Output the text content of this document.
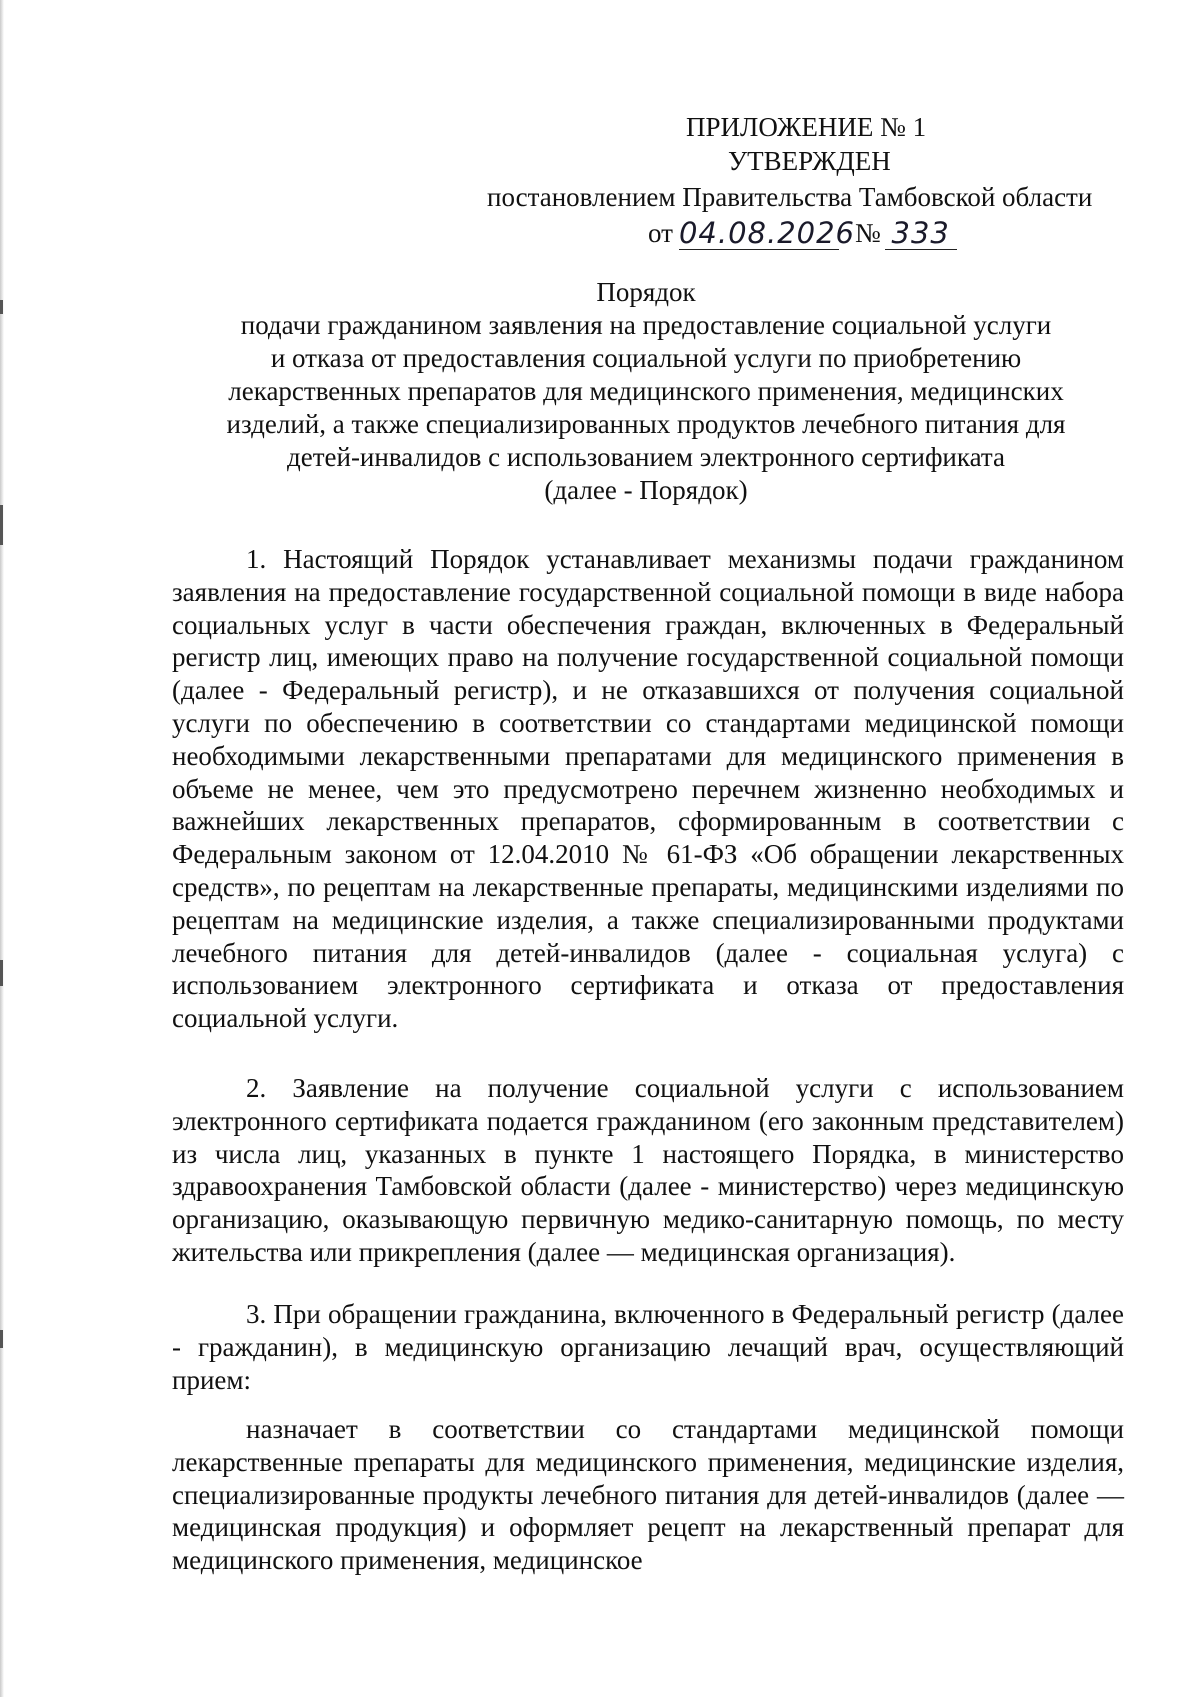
ПРИЛОЖЕНИЕ № 1
УТВЕРЖДЕН
постановлением Правительства Тамбовской области
от 04.08.2026 № 333
Порядок
подачи гражданином заявления на предоставление социальной услуги
и отказа от предоставления социальной услуги по приобретению
лекарственных препаратов для медицинского применения, медицинских
изделий, а также специализированных продуктов лечебного питания для
детей-инвалидов с использованием электронного сертификата
(далее - Порядок)

1. Настоящий Порядок устанавливает механизмы подачи гражданином заявления на предоставление государственной социальной помощи в виде набора социальных услуг в части обеспечения граждан, включенных в Федеральный регистр лиц, имеющих право на получение государственной социальной помощи (далее - Федеральный регистр), и не отказавшихся от получения социальной услуги по обеспечению в соответствии со стандартами медицинской помощи необходимыми лекарственными препаратами для медицинского применения в объеме не менее, чем это предусмотрено перечнем жизненно необходимых и важнейших лекарственных препаратов, сформированным в соответствии с Федеральным законом от 12.04.2010 № 61-ФЗ «Об обращении лекарственных средств», по рецептам на лекарственные препараты, медицинскими изделиями по рецептам на медицинские изделия, а также специализированными продуктами лечебного питания для детей-инвалидов (далее - социальная услуга) с использованием электронного сертификата и отказа от предоставления социальной услуги.

2. Заявление на получение социальной услуги с использованием электронного сертификата подается гражданином (его законным представителем) из числа лиц, указанных в пункте 1 настоящего Порядка, в министерство здравоохранения Тамбовской области (далее - министерство) через медицинскую организацию, оказывающую первичную медико-санитарную помощь, по месту жительства или прикрепления (далее — медицинская организация).

3. При обращении гражданина, включенного в Федеральный регистр (далее - гражданин), в медицинскую организацию лечащий врач, осуществляющий прием:

назначает в соответствии со стандартами медицинской помощи лекарственные препараты для медицинского применения, медицинские изделия, специализированные продукты лечебного питания для детей-инвалидов (далее — медицинская продукция) и оформляет рецепт на лекарственный препарат для медицинского применения, медицинское
